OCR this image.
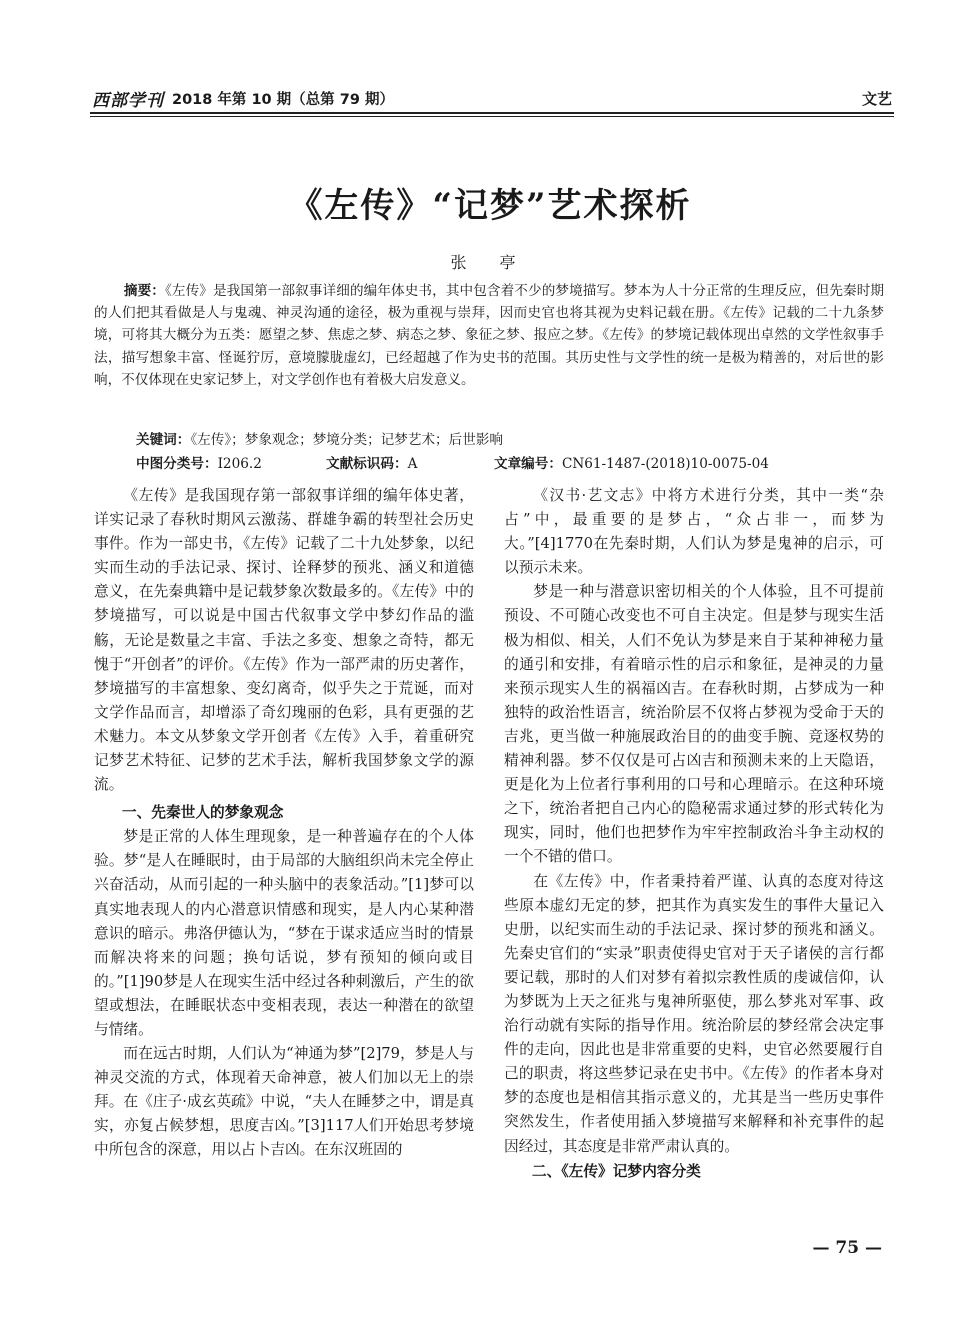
西部学刊 2018 年第 10 期（总第 79 期）	文艺
《左传》“记梦”艺术探析
张 亭
摘要：《左传》是我国第一部叙事详细的编年体史书，其中包含着不少的梦境描写。梦本为人十分正常的生理反应，但先秦时期的人们把其看做是人与鬼魂、神灵沟通的途径，极为重视与崇拜，因而史官也将其视为史料记载在册。《左传》记载的二十九条梦境，可将其大概分为五类：愿望之梦、焦虑之梦、病态之梦、象征之梦、报应之梦。《左传》的梦境记载体现出卓然的文学性叙事手法，描写想象丰富、怪诞狞厉，意境朦胧虚幻，已经超越了作为史书的范围。其历史性与文学性的统一是极为精善的，对后世的影响，不仅体现在史家记梦上，对文学创作也有着极大启发意义。
关键词：《左传》；梦象观念；梦境分类；记梦艺术；后世影响
中图分类号：I206.2	文献标识码：A	文章编号：CN61-1487-(2018)10-0075-04

《左传》是我国现存第一部叙事详细的编年体史著，详实记录了春秋时期风云激荡、群雄争霸的转型社会历史事件。作为一部史书，《左传》记载了二十九处梦象，以纪实而生动的手法记录、探讨、诠释梦的预兆、涵义和道德意义，在先秦典籍中是记载梦象次数最多的。《左传》中的梦境描写，可以说是中国古代叙事文学中梦幻作品的滥觞，无论是数量之丰富、手法之多变、想象之奇特，都无愧于“开创者”的评价。《左传》作为一部严肃的历史著作，梦境描写的丰富想象、变幻离奇，似乎失之于荒诞，而对文学作品而言，却增添了奇幻瑰丽的色彩，具有更强的艺术魅力。本文从梦象文学开创者《左传》入手，着重研究记梦艺术特征、记梦的艺术手法，解析我国梦象文学的源流。

一、先秦世人的梦象观念

梦是正常的人体生理现象，是一种普遍存在的个人体验。梦“是人在睡眠时，由于局部的大脑组织尚未完全停止兴奋活动，从而引起的一种头脑中的表象活动。”[1]梦可以真实地表现人的内心潜意识情感和现实，是人内心某种潜意识的暗示。弗洛伊德认为，“梦在于谋求适应当时的情景而解决将来的问题；换句话说，梦有预知的倾向或目的。”[1]90梦是人在现实生活中经过各种刺激后，产生的欲望或想法，在睡眠状态中变相表现，表达一种潜在的欲望与情绪。

而在远古时期，人们认为“神通为梦”[2]79，梦是人与神灵交流的方式，体现着天命神意，被人们加以无上的崇拜。在《庄子·成玄英疏》中说，“夫人在睡梦之中，谓是真实，亦复占候梦想，思度吉凶。”[3]117人们开始思考梦境中所包含的深意，用以占卜吉凶。在东汉班固的

《汉书·艺文志》中将方术进行分类，其中一类“杂占”中，最重要的是梦占，“众占非一，而梦为大。”[4]1770在先秦时期，人们认为梦是鬼神的启示，可以预示未来。

梦是一种与潜意识密切相关的个人体验，且不可提前预设、不可随心改变也不可自主决定。但是梦与现实生活极为相似、相关，人们不免认为梦是来自于某种神秘力量的通引和安排，有着暗示性的启示和象征，是神灵的力量来预示现实人生的祸福凶吉。在春秋时期，占梦成为一种独特的政治性语言，统治阶层不仅将占梦视为受命于天的吉兆，更当做一种施展政治目的的曲变手腕、竞逐权势的精神利器。梦不仅仅是可占凶吉和预测未来的上天隐语，更是化为上位者行事利用的口号和心理暗示。在这种环境之下，统治者把自己内心的隐秘需求通过梦的形式转化为现实，同时，他们也把梦作为牢牢控制政治斗争主动权的一个不错的借口。

在《左传》中，作者秉持着严谨、认真的态度对待这些原本虚幻无定的梦，把其作为真实发生的事件大量记入史册，以纪实而生动的手法记录、探讨梦的预兆和涵义。先秦史官们的“实录”职责使得史官对于天子诸侯的言行都要记载，那时的人们对梦有着拟宗教性质的虔诚信仰，认为梦既为上天之征兆与鬼神所驱使，那么梦兆对军事、政治行动就有实际的指导作用。统治阶层的梦经常会决定事件的走向，因此也是非常重要的史料，史官必然要履行自己的职责，将这些梦记录在史书中。《左传》的作者本身对梦的态度也是相信其指示意义的，尤其是当一些历史事件突然发生，作者使用插入梦境描写来解释和补充事件的起因经过，其态度是非常严肃认真的。

二、《左传》记梦内容分类
— 75 —
